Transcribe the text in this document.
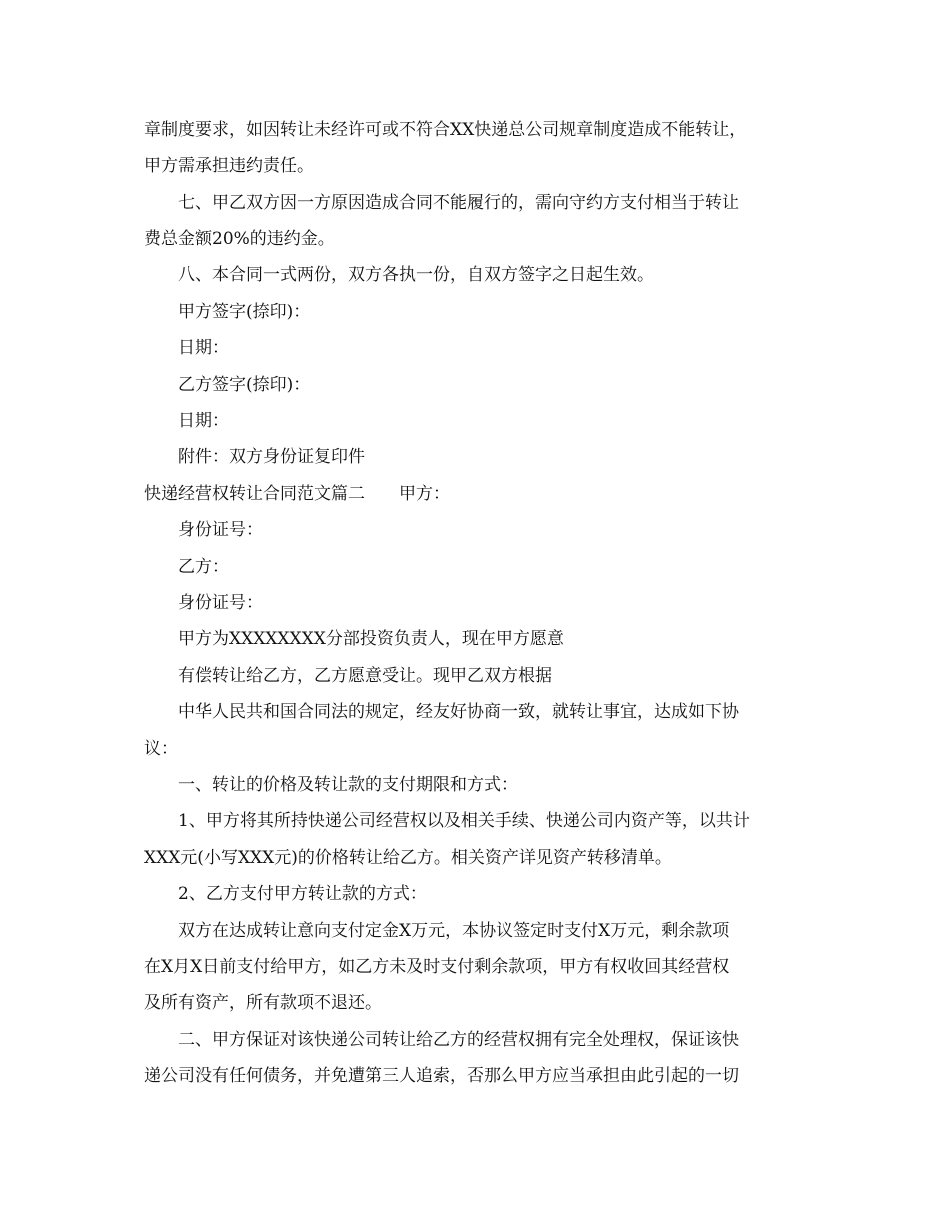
章制度要求，如因转让未经许可或不符合XX快递总公司规章制度造成不能转让，
甲方需承担违约责任。
七、甲乙双方因一方原因造成合同不能履行的，需向守约方支付相当于转让
费总金额20%的违约金。
八、本合同一式两份，双方各执一份，自双方签字之日起生效。
甲方签字(捺印)：
日期：
乙方签字(捺印)：
日期：
附件：双方身份证复印件
快递经营权转让合同范文篇二　　甲方：
身份证号：
乙方：
身份证号：
甲方为XXXXXXXX分部投资负责人，现在甲方愿意
有偿转让给乙方，乙方愿意受让。现甲乙双方根据
中华人民共和国合同法的规定，经友好协商一致，就转让事宜，达成如下协
议：
一、转让的价格及转让款的支付期限和方式：
1、甲方将其所持快递公司经营权以及相关手续、快递公司内资产等，以共计
XXX元(小写XXX元)的价格转让给乙方。相关资产详见资产转移清单。
2、乙方支付甲方转让款的方式：
双方在达成转让意向支付定金X万元，本协议签定时支付X万元，剩余款项
在X月X日前支付给甲方，如乙方未及时支付剩余款项，甲方有权收回其经营权
及所有资产，所有款项不退还。
二、甲方保证对该快递公司转让给乙方的经营权拥有完全处理权，保证该快
递公司没有任何债务，并免遭第三人追索，否那么甲方应当承担由此引起的一切
